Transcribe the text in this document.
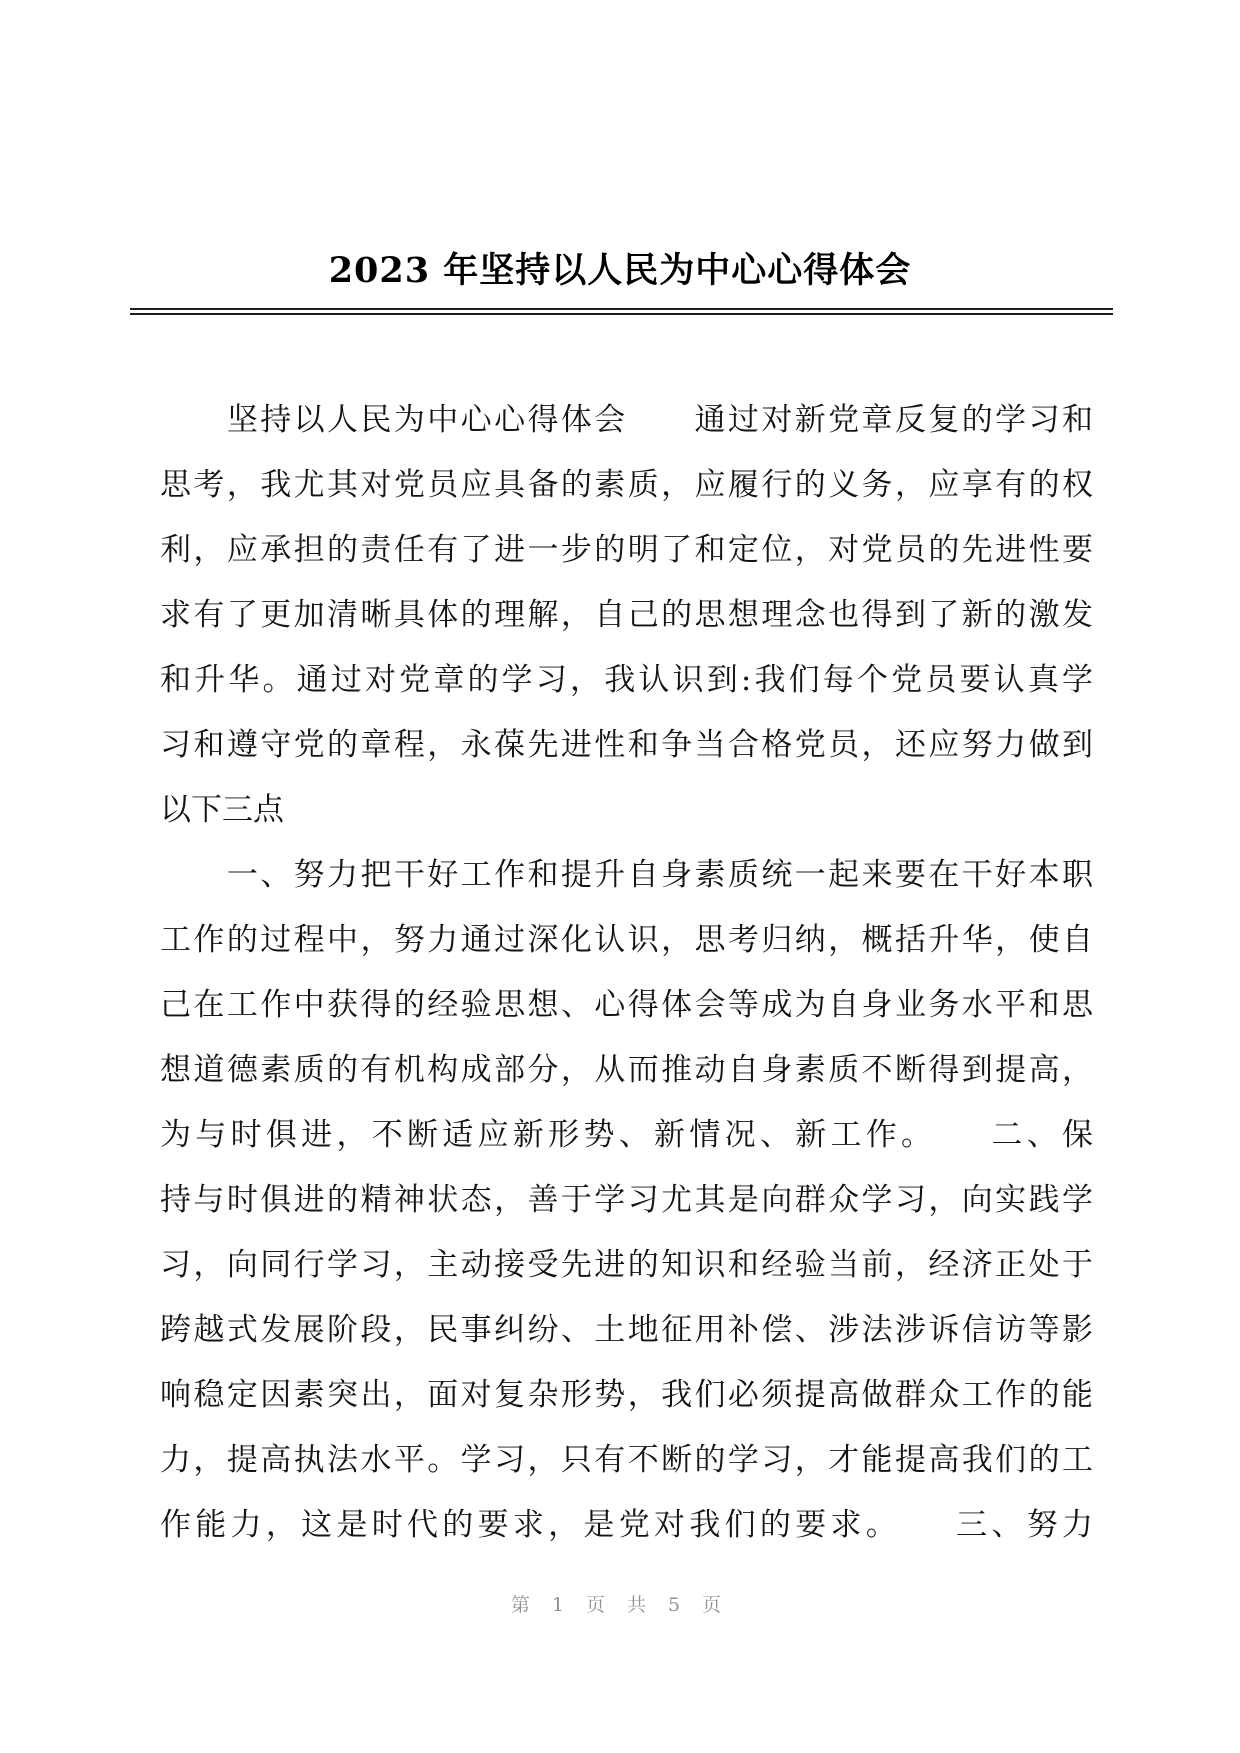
2023 年坚持以人民为中心心得体会
　　坚持以人民为中心心得体会　　通过对新党章反复的学习和
思考，我尤其对党员应具备的素质，应履行的义务，应享有的权
利，应承担的责任有了进一步的明了和定位，对党员的先进性要
求有了更加清晰具体的理解，自己的思想理念也得到了新的激发
和升华。通过对党章的学习，我认识到:我们每个党员要认真学
习和遵守党的章程，永葆先进性和争当合格党员，还应努力做到
以下三点
　　一、努力把干好工作和提升自身素质统一起来要在干好本职
工作的过程中，努力通过深化认识，思考归纳，概括升华，使自
己在工作中获得的经验思想、心得体会等成为自身业务水平和思
想道德素质的有机构成部分，从而推动自身素质不断得到提高，
为与时俱进，不断适应新形势、新情况、新工作。　　二、保
持与时俱进的精神状态，善于学习尤其是向群众学习，向实践学
习，向同行学习，主动接受先进的知识和经验当前，经济正处于
跨越式发展阶段，民事纠纷、土地征用补偿、涉法涉诉信访等影
响稳定因素突出，面对复杂形势，我们必须提高做群众工作的能
力，提高执法水平。学习，只有不断的学习，才能提高我们的工
作能力，这是时代的要求，是党对我们的要求。　　三、努力
第 1 页 共 5 页
